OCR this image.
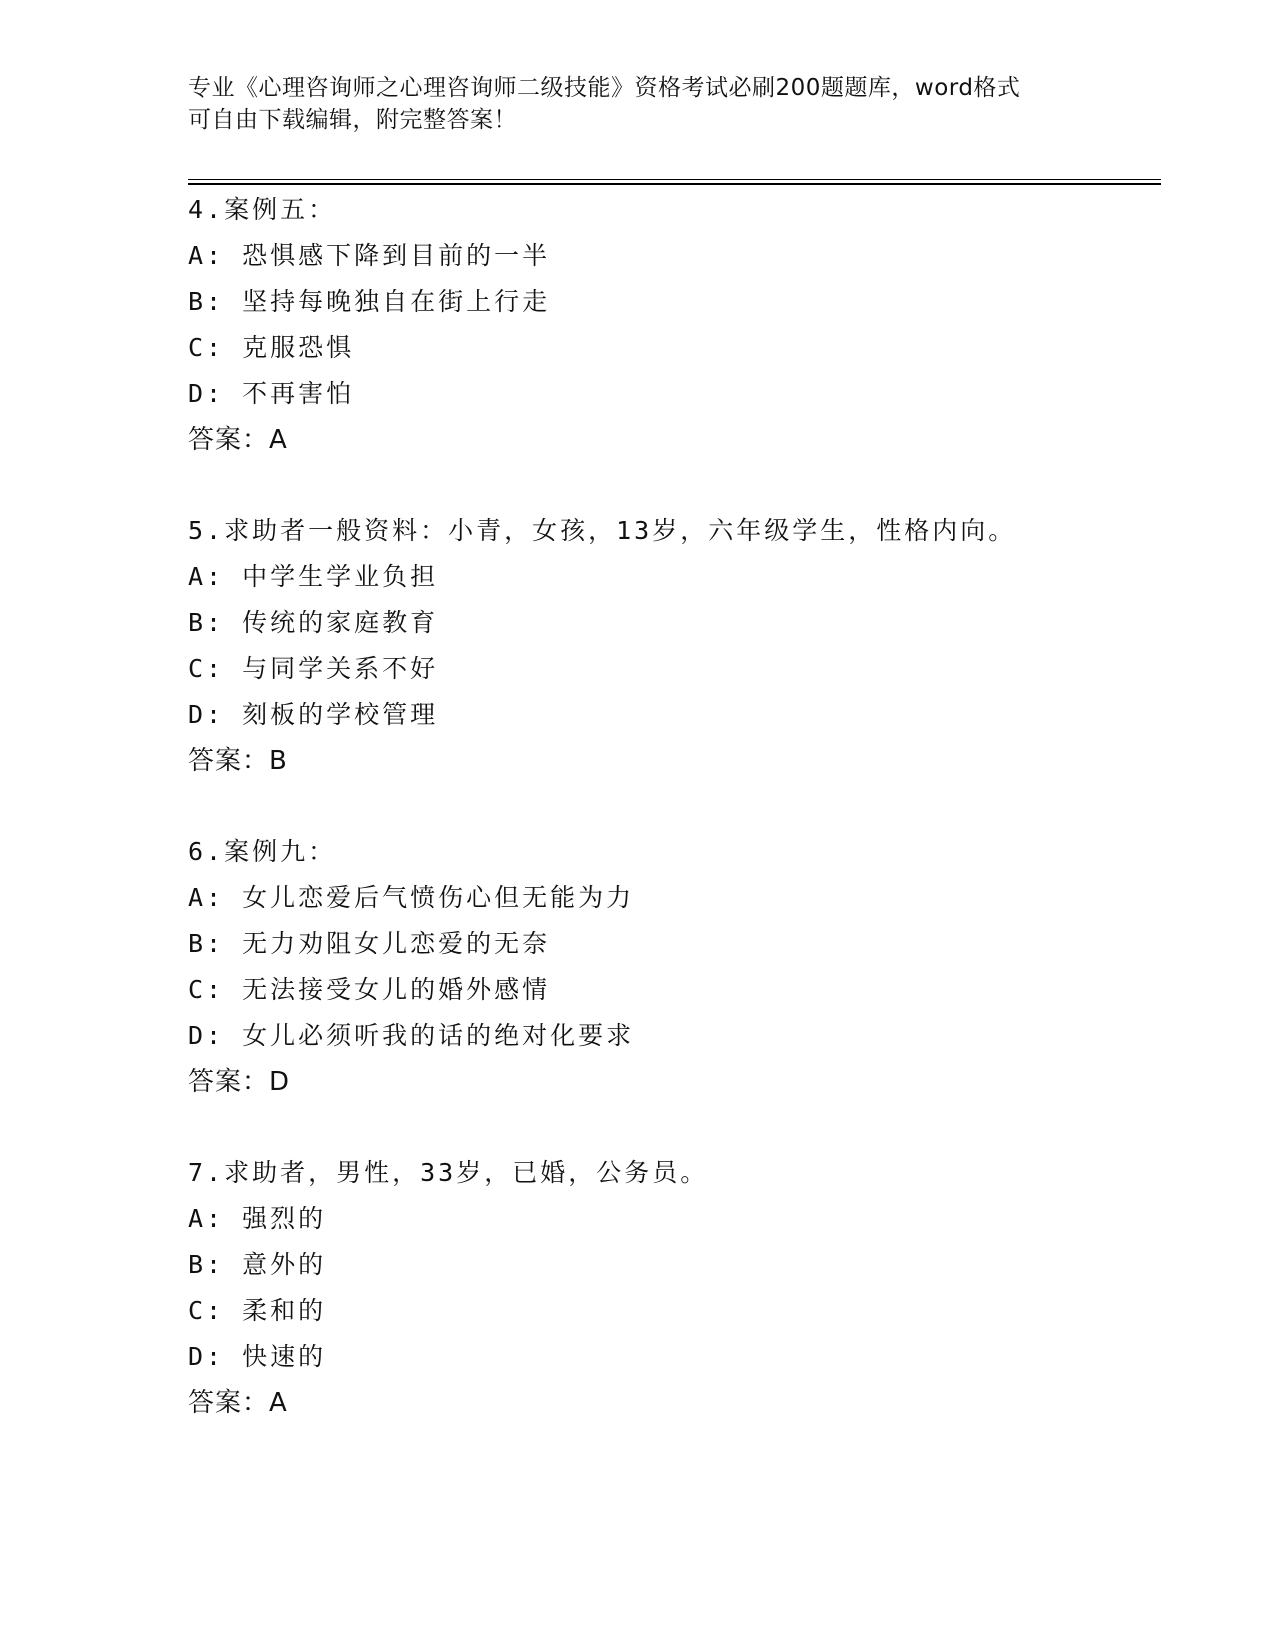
专业《心理咨询师之心理咨询师二级技能》资格考试必刷200题题库，word格式
可自由下载编辑，附完整答案！
4.案例五：
A: 恐惧感下降到目前的一半
B: 坚持每晚独自在街上行走
C: 克服恐惧
D: 不再害怕
答案：A
5.求助者一般资料：小青，女孩，13岁，六年级学生，性格内向。
A: 中学生学业负担
B: 传统的家庭教育
C: 与同学关系不好
D: 刻板的学校管理
答案：B
6.案例九：
A: 女儿恋爱后气愤伤心但无能为力
B: 无力劝阻女儿恋爱的无奈
C: 无法接受女儿的婚外感情
D: 女儿必须听我的话的绝对化要求
答案：D
7.求助者，男性，33岁，已婚，公务员。
A: 强烈的
B: 意外的
C: 柔和的
D: 快速的
答案：A
